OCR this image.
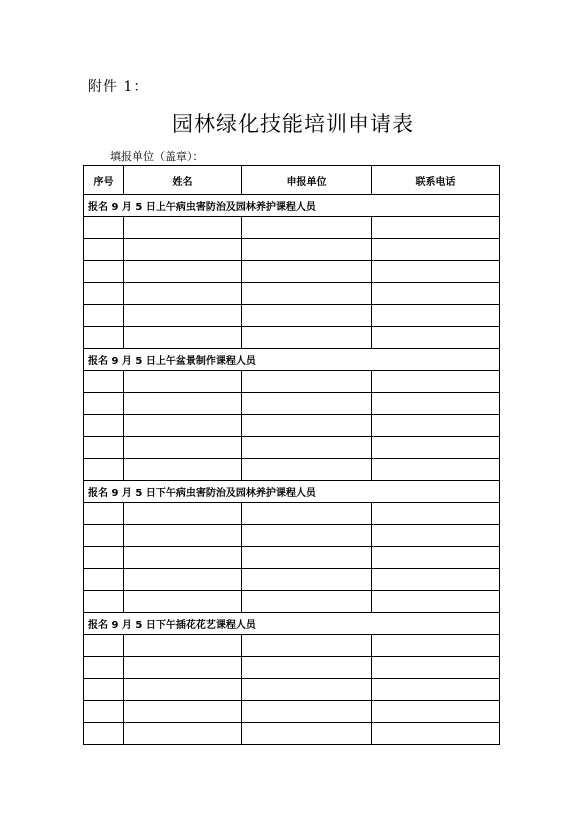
附件 1：
园林绿化技能培训申请表
填报单位（盖章）：
序号	姓名	申报单位	联系电话
报名 9 月 5 日上午病虫害防治及园林养护课程人员			

报名 9 月 5 日上午盆景制作课程人员			

报名 9 月 5 日下午病虫害防治及园林养护课程人员			

报名 9 月 5 日下午插花花艺课程人员			
